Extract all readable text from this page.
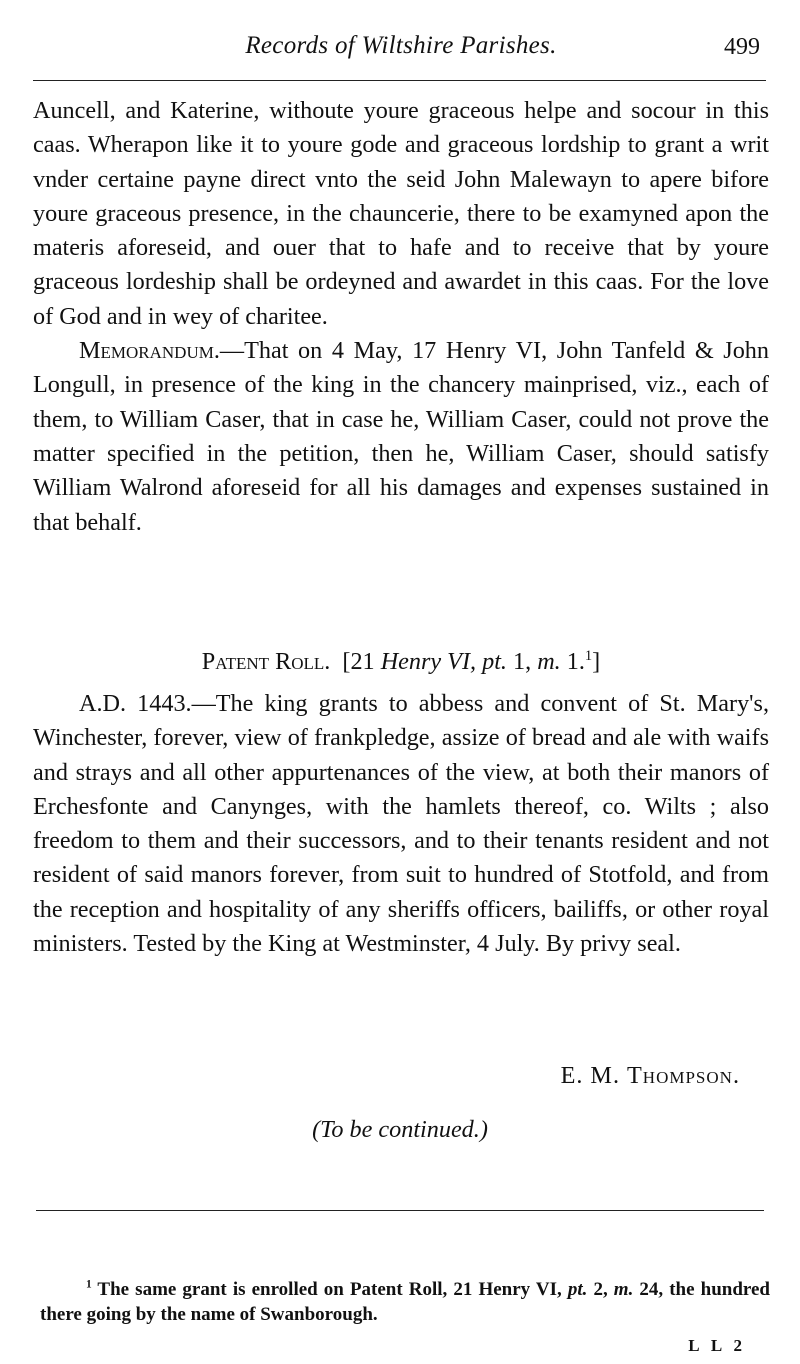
Records of Wiltshire Parishes.	499

Auncell, and Katerine, withoute youre graceous helpe and socour in this caas. Wherapon like it to youre gode and graceous lordship to grant a writ vnder certaine payne direct vnto the seid John Malewayn to apere bifore youre graceous presence, in the chauncerie, there to be examyned apon the materis aforeseid, and ouer that to hafe and to receive that by youre graceous lordeship shall be ordeyned and awardet in this caas. For the love of God and in wey of charitee.

Memorandum.—That on 4 May, 17 Henry VI, John Tanfeld & John Longull, in presence of the king in the chancery mainprised, viz., each of them, to William Caser, that in case he, William Caser, could not prove the matter specified in the petition, then he, William Caser, should satisfy William Walrond aforeseid for all his damages and expenses sustained in that behalf.

Patent Roll. [21 Henry VI, pt. 1, m. 1.$^1$]

A.D. 1443.—The king grants to abbess and convent of St. Mary's, Winchester, forever, view of frankpledge, assize of bread and ale with waifs and strays and all other appurtenances of the view, at both their manors of Erchesfonte and Canynges, with the hamlets thereof, co. Wilts ; also freedom to them and their successors, and to their tenants resident and not resident of said manors forever, from suit to hundred of Stotfold, and from the reception and hospitality of any sheriffs officers, bailiffs, or other royal ministers. Tested by the King at Westminster, 4 July. By privy seal.

E. M. Thompson.
(To be continued.)
$^1$ The same grant is enrolled on Patent Roll, 21 Henry VI, pt. 2, m. 24, the hundred there going by the name of Swanborough.
L L 2
